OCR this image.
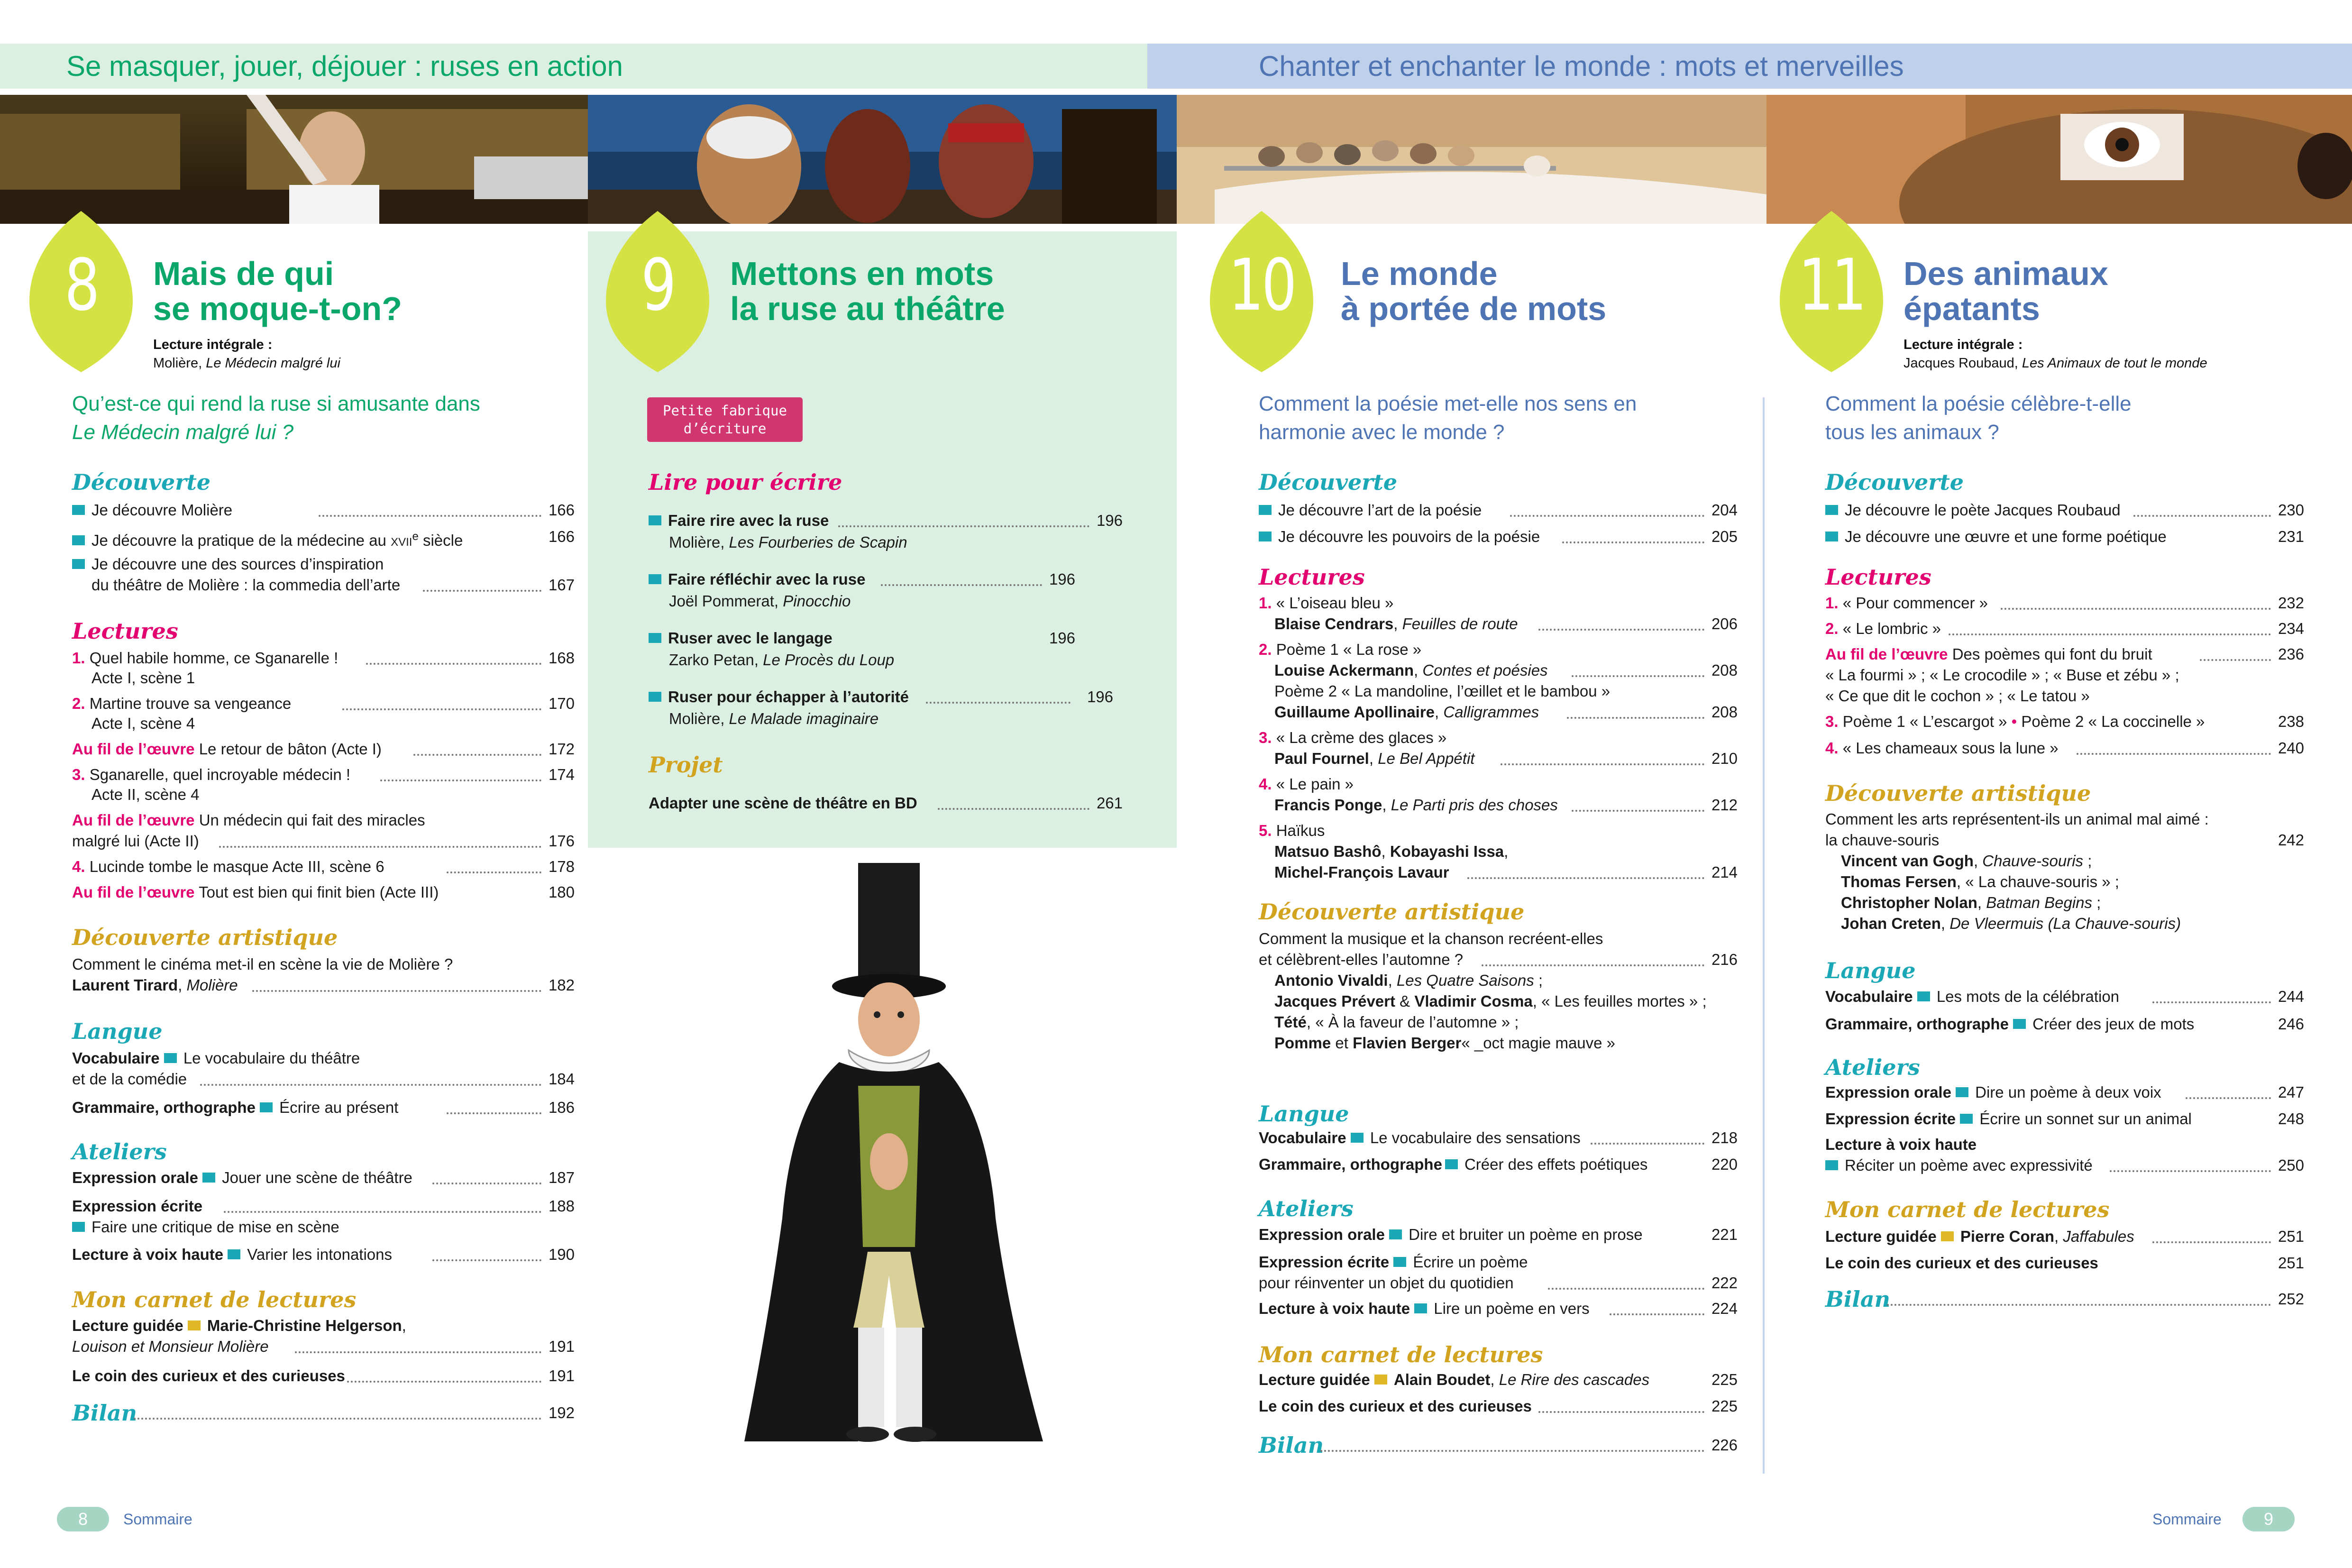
Se masquer, jouer, déjouer : ruses en action	Chanter et enchanter le monde : mots et merveilles
8	9	10	11
Mais de qui
se moque-t-on?
Mettons en mots
la ruse au théâtre
Le monde
à portée de mots
Des animaux
épatants
Lecture intégrale :
Molière, Le Médecin malgré lui
Lecture intégrale :
Jacques Roubaud, Les Animaux de tout le monde
Qu’est-ce qui rend la ruse si amusante dans
Le Médecin malgré lui ?
Comment la poésie met-elle nos sens en
harmonie avec le monde ?
Comment la poésie célèbre-t-elle
tous les animaux ?
Découverte
Je découvre Molière	166
Je découvre la pratique de la médecine au XVIIe siècle	166
Je découvre une des sources d’inspiration
du théâtre de Molière : la commedia dell’arte	167
Lectures
1. Quel habile homme, ce Sganarelle !	168
Acte I, scène 1
2. Martine trouve sa vengeance	170
Acte I, scène 4
Au fil de l’œuvre Le retour de bâton (Acte I)	172
3. Sganarelle, quel incroyable médecin !	174
Acte II, scène 4
Au fil de l’œuvre Un médecin qui fait des miracles
malgré lui (Acte II)	176
4. Lucinde tombe le masque Acte III, scène 6	178
Au fil de l’œuvre Tout est bien qui finit bien (Acte III)	180
Découverte artistique
Comment le cinéma met-il en scène la vie de Molière ?
Laurent Tirard, Molière	182
Langue
Vocabulaire Le vocabulaire du théâtre
et de la comédie	184
Grammaire, orthographe Écrire au présent	186
Ateliers
Expression orale Jouer une scène de théâtre	187
Expression écrite	188
Faire une critique de mise en scène
Lecture à voix haute Varier les intonations	190
Mon carnet de lectures
Lecture guidée Marie-Christine Helgerson,
Louison et Monsieur Molière	191
Le coin des curieux et des curieuses	191
Bilan	192
Petite fabrique
d’écriture
Lire pour écrire
Faire rire avec la ruse	196
Molière, Les Fourberies de Scapin
Faire réfléchir avec la ruse	196
Joël Pommerat, Pinocchio
Ruser avec le langage	196
Zarko Petan, Le Procès du Loup
Ruser pour échapper à l’autorité	196
Molière, Le Malade imaginaire
Projet
Adapter une scène de théâtre en BD	261
Découverte
Je découvre l’art de la poésie	204
Je découvre les pouvoirs de la poésie	205
Lectures
1. « L’oiseau bleu »
Blaise Cendrars, Feuilles de route	206
2. Poème 1 « La rose »
Louise Ackermann, Contes et poésies	208
Poème 2 « La mandoline, l’œillet et le bambou »
Guillaume Apollinaire, Calligrammes	208
3. « La crème des glaces »
Paul Fournel, Le Bel Appétit	210
4. « Le pain »
Francis Ponge, Le Parti pris des choses	212
5. Haïkus
Matsuo Bashô, Kobayashi Issa,
Michel-François Lavaur	214
Découverte artistique
Comment la musique et la chanson recréent-elles
et célèbrent-elles l’automne ?	216
Antonio Vivaldi, Les Quatre Saisons ;
Jacques Prévert & Vladimir Cosma, « Les feuilles mortes » ;
Tété, « À la faveur de l’automne » ;
Pomme et Flavien Berger« _oct magie mauve »
Langue
Vocabulaire Le vocabulaire des sensations	218
Grammaire, orthographe Créer des effets poétiques	220
Ateliers
Expression orale Dire et bruiter un poème en prose	221
Expression écrite Écrire un poème
pour réinventer un objet du quotidien	222
Lecture à voix haute Lire un poème en vers	224
Mon carnet de lectures
Lecture guidée Alain Boudet, Le Rire des cascades	225
Le coin des curieux et des curieuses	225
Bilan	226
Découverte
Je découvre le poète Jacques Roubaud	230
Je découvre une œuvre et une forme poétique	231
Lectures
1. « Pour commencer »	232
2. « Le lombric »	234
Au fil de l’œuvre Des poèmes qui font du bruit	236
« La fourmi » ; « Le crocodile » ; « Buse et zébu » ;
« Ce que dit le cochon » ; « Le tatou »
3. Poème 1 « L’escargot » • Poème 2 « La coccinelle »	238
4. « Les chameaux sous la lune »	240
Découverte artistique
Comment les arts représentent-ils un animal mal aimé :
la chauve-souris	242
Vincent van Gogh, Chauve-souris ;
Thomas Fersen, « La chauve-souris » ;
Christopher Nolan, Batman Begins ;
Johan Creten, De Vleermuis (La Chauve-souris)
Langue
Vocabulaire Les mots de la célébration	244
Grammaire, orthographe Créer des jeux de mots	246
Ateliers
Expression orale Dire un poème à deux voix	247
Expression écrite Écrire un sonnet sur un animal	248
Lecture à voix haute
Réciter un poème avec expressivité	250
Mon carnet de lectures
Lecture guidée Pierre Coran, Jaffabules	251
Le coin des curieux et des curieuses	251
Bilan	252
8	Sommaire	Sommaire	9
